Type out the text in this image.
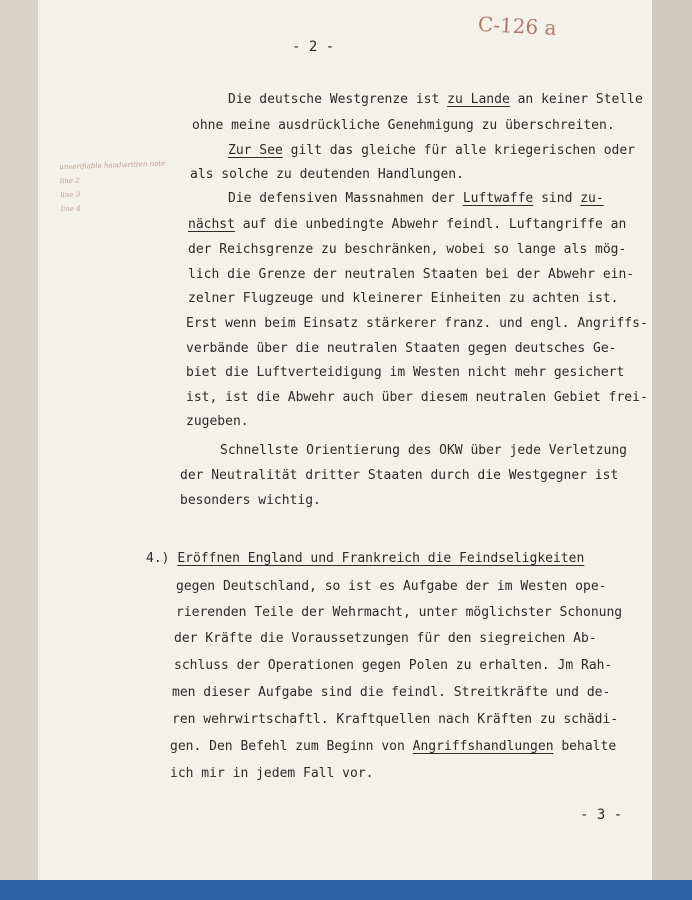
C-126 a
- 2 -
unverifiable handwritten note
line 2
line 3
line 4
Die deutsche Westgrenze ist zu Lande an keiner Stelle
ohne meine ausdrückliche Genehmigung zu überschreiten.
Zur See gilt das gleiche für alle kriegerischen oder
als solche zu deutenden Handlungen.
Die defensiven Massnahmen der Luftwaffe sind zu-
nächst auf die unbedingte Abwehr feindl. Luftangriffe an
der Reichsgrenze zu beschränken, wobei so lange als mög-
lich die Grenze der neutralen Staaten bei der Abwehr ein-
zelner Flugzeuge und kleinerer Einheiten zu achten ist.
Erst wenn beim Einsatz stärkerer franz. und engl. Angriffs-
verbände über die neutralen Staaten gegen deutsches Ge-
biet die Luftverteidigung im Westen nicht mehr gesichert
ist, ist die Abwehr auch über diesem neutralen Gebiet frei-
zugeben.
Schnellste Orientierung des OKW über jede Verletzung
der Neutralität dritter Staaten durch die Westgegner ist
besonders wichtig.
4.) Eröffnen England und Frankreich die Feindseligkeiten
gegen Deutschland, so ist es Aufgabe der im Westen ope-
rierenden Teile der Wehrmacht, unter möglichster Schonung
der Kräfte die Voraussetzungen für den siegreichen Ab-
schluss der Operationen gegen Polen zu erhalten. Jm Rah-
men dieser Aufgabe sind die feindl. Streitkräfte und de-
ren wehrwirtschaftl. Kraftquellen nach Kräften zu schädi-
gen. Den Befehl zum Beginn von Angriffshandlungen behalte
ich mir in jedem Fall vor.
- 3 -
